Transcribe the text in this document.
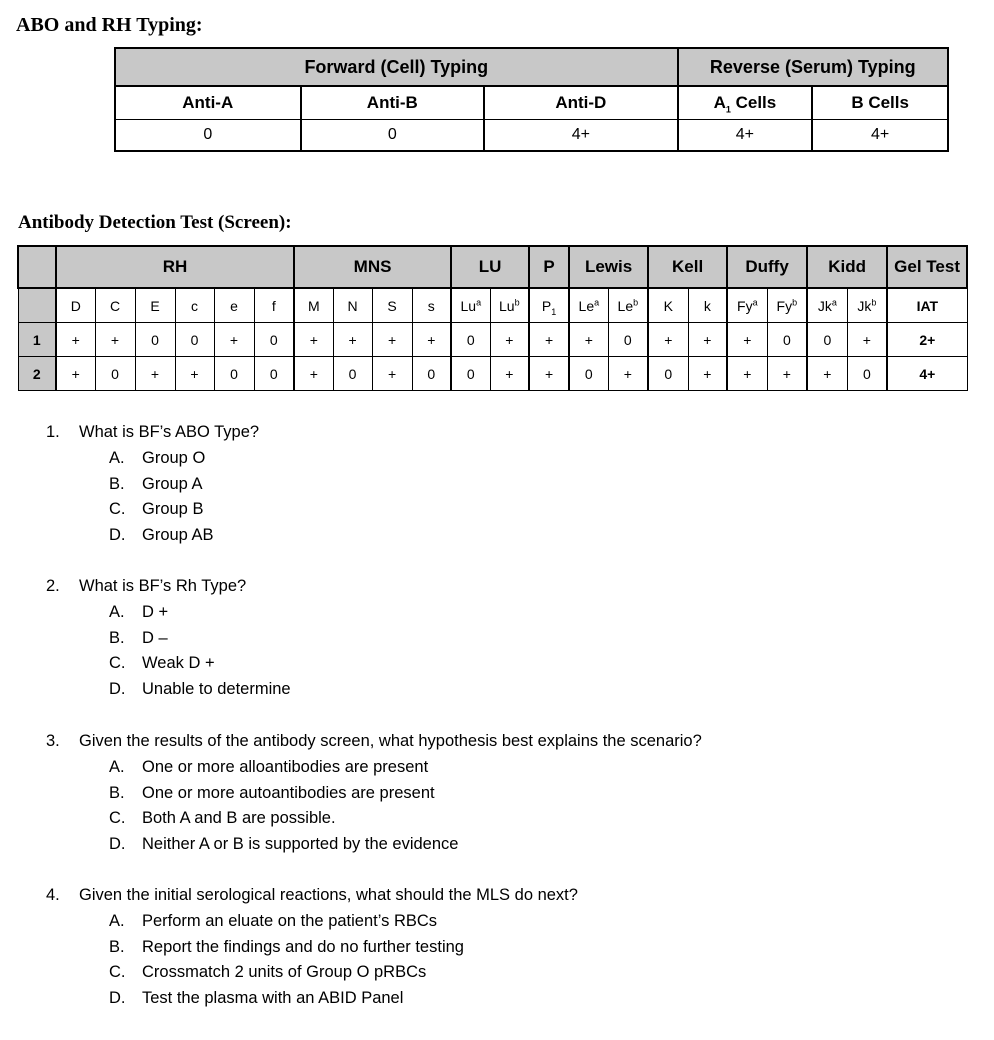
ABO and RH Typing:
Forward (Cell) Typing			Reverse (Serum) Typing	
Anti-A	Anti-B	Anti-D	$A_1$ Cells	B Cells
0	0	4+	4+	4+
Antibody Detection Test (Screen):
	RH						MNS				LU		P	Lewis		Kell		Duffy		Kidd		Gel Test
	D	C	E	c	e	f	M	N	S	s	Lu$^a$	Lu$^b$	$P_1$	Le$^a$	Le$^b$	K	k	Fy$^a$	Fy$^b$	Jk$^a$	Jk$^b$	IAT
1	+	+	0	0	+	0	+	+	+	+	0	+	+	+	0	+	+	+	0	0	+	2+
2	+	0	+	+	0	0	+	0	+	0	0	+	+	0	+	0	+	+	+	+	0	4+
1. What is BF’s ABO Type?
A. Group O
B. Group A
C. Group B
D. Group AB
2. What is BF’s Rh Type?
A. D +
B. D –
C. Weak D +
D. Unable to determine
3. Given the results of the antibody screen, what hypothesis best explains the scenario?
A. One or more alloantibodies are present
B. One or more autoantibodies are present
C. Both A and B are possible.
D. Neither A or B is supported by the evidence
4. Given the initial serological reactions, what should the MLS do next?
A. Perform an eluate on the patient’s RBCs
B. Report the findings and do no further testing
C. Crossmatch 2 units of Group O pRBCs
D. Test the plasma with an ABID Panel
